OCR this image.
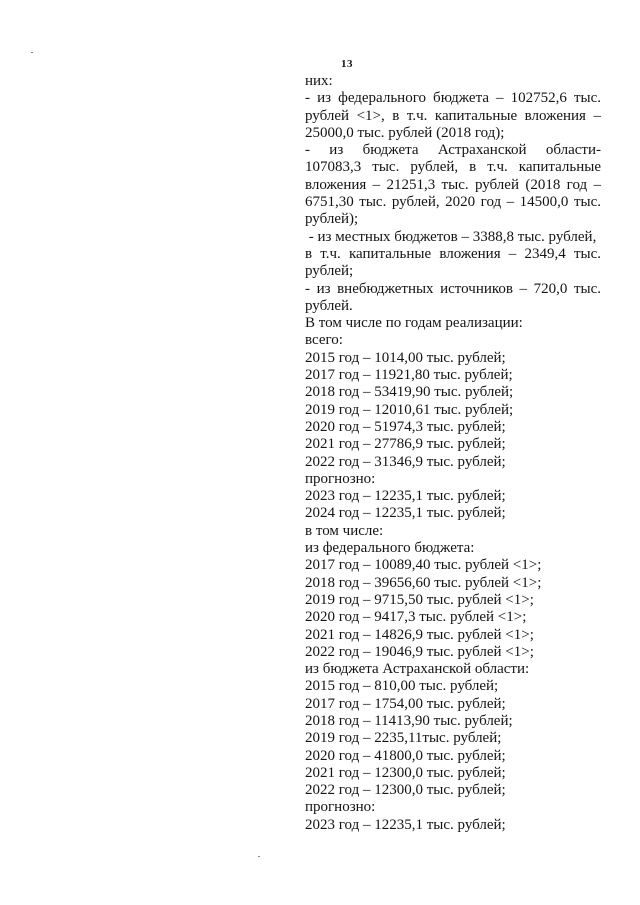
13
них:
- из федерального бюджета – 102752,6 тыс.
рублей <1>, в т.ч. капитальные вложения –
25000,0 тыс. рублей (2018 год);
- из бюджета Астраханской области-
107083,3 тыс. рублей, в т.ч. капитальные
вложения – 21251,3 тыс. рублей (2018 год –
6751,30 тыс. рублей, 2020 год – 14500,0 тыс.
рублей);
- из местных бюджетов – 3388,8 тыс. рублей,
в т.ч. капитальные вложения – 2349,4 тыс.
рублей;
- из внебюджетных источников – 720,0 тыс.
рублей.
В том числе по годам реализации:
всего:
2015 год – 1014,00 тыс. рублей;
2017 год – 11921,80 тыс. рублей;
2018 год – 53419,90 тыс. рублей;
2019 год – 12010,61 тыс. рублей;
2020 год – 51974,3 тыс. рублей;
2021 год – 27786,9 тыс. рублей;
2022 год – 31346,9 тыс. рублей;
прогнозно:
2023 год – 12235,1 тыс. рублей;
2024 год – 12235,1 тыс. рублей;
в том числе:
из федерального бюджета:
2017 год – 10089,40 тыс. рублей <1>;
2018 год – 39656,60 тыс. рублей <1>;
2019 год – 9715,50 тыс. рублей <1>;
2020 год – 9417,3 тыс. рублей <1>;
2021 год – 14826,9 тыс. рублей <1>;
2022 год – 19046,9 тыс. рублей <1>;
из бюджета Астраханской области:
2015 год – 810,00 тыс. рублей;
2017 год – 1754,00 тыс. рублей;
2018 год – 11413,90 тыс. рублей;
2019 год – 2235,11тыс. рублей;
2020 год – 41800,0 тыс. рублей;
2021 год – 12300,0 тыс. рублей;
2022 год – 12300,0 тыс. рублей;
прогнозно:
2023 год – 12235,1 тыс. рублей;
